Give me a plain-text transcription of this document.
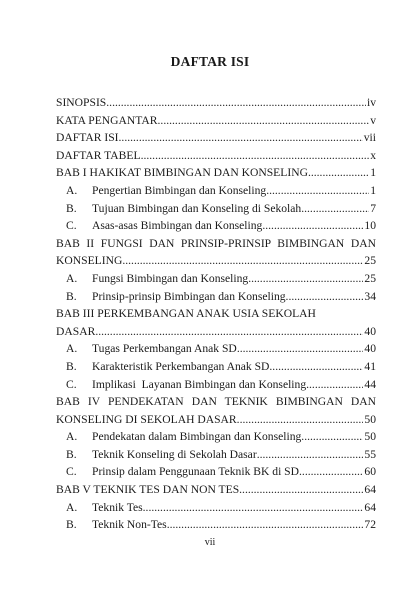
DAFTAR ISI
SINOPSIS .....	iv
KATA PENGANTAR .....	v
DAFTAR ISI .....	vii
DAFTAR TABEL .....	x
BAB I HAKIKAT BIMBINGAN DAN KONSELING .....	1
A. Pengertian Bimbingan dan Konseling .....	1
B. Tujuan Bimbingan dan Konseling di Sekolah .....	7
C. Asas-asas Bimbingan dan Konseling .....	10
BAB II FUNGSI DAN PRINSIP-PRINSIP BIMBINGAN DAN
KONSELING .....	25
A. Fungsi Bimbingan dan Konseling .....	25
B. Prinsip-prinsip Bimbingan dan Konseling .....	34
BAB III PERKEMBANGAN ANAK USIA SEKOLAH
DASAR .....	40
A. Tugas Perkembangan Anak SD .....	40
B. Karakteristik Perkembangan Anak SD .....	41
C. Implikasi  Layanan Bimbingan dan Konseling .....	44
BAB IV PENDEKATAN DAN TEKNIK BIMBINGAN DAN
KONSELING DI SEKOLAH DASAR .....	50
A. Pendekatan dalam Bimbingan dan Konseling .....	50
B. Teknik Konseling di Sekolah Dasar .....	55
C. Prinsip dalam Penggunaan Teknik BK di SD .....	60
BAB V TEKNIK TES DAN NON TES .....	64
A. Teknik Tes .....	64
B. Teknik Non-Tes .....	72
vii
